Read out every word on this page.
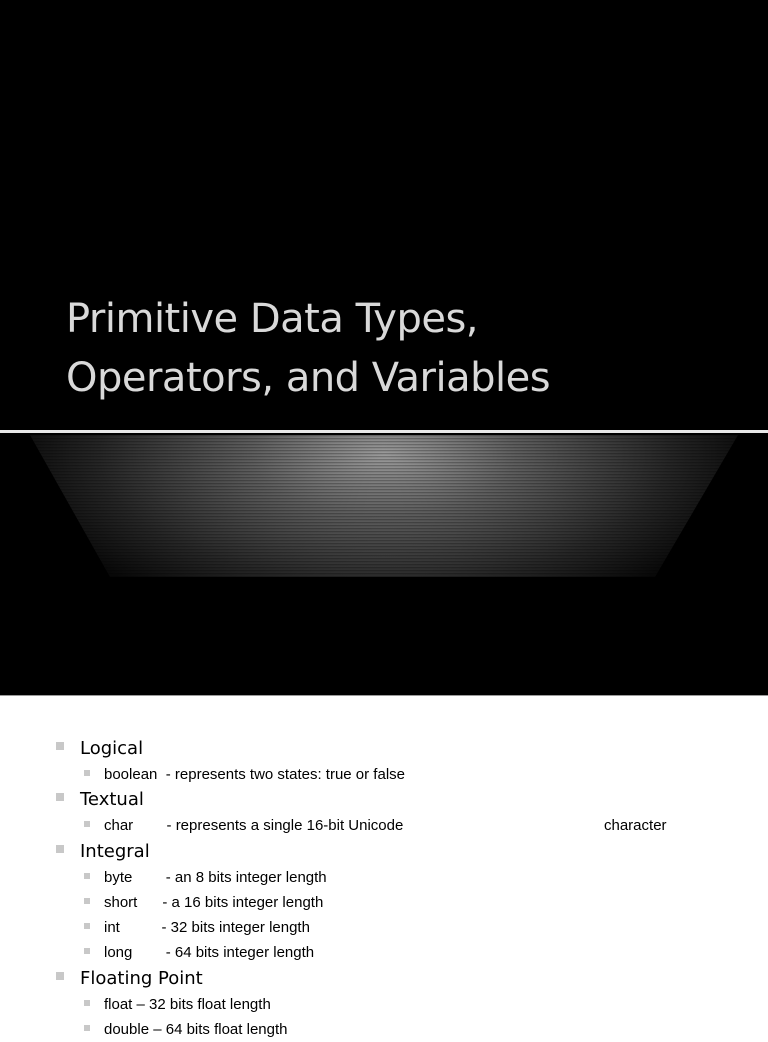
Primitive Data Types,
Operators, and Variables
Logical
boolean  - represents two states: true or false
Textual
char        - represents a single 16-bit Unicode	character
Integral
byte        - an 8 bits integer length
short      - a 16 bits integer length
int          - 32 bits integer length
long        - 64 bits integer length
Floating Point
float – 32 bits float length
double – 64 bits float length
